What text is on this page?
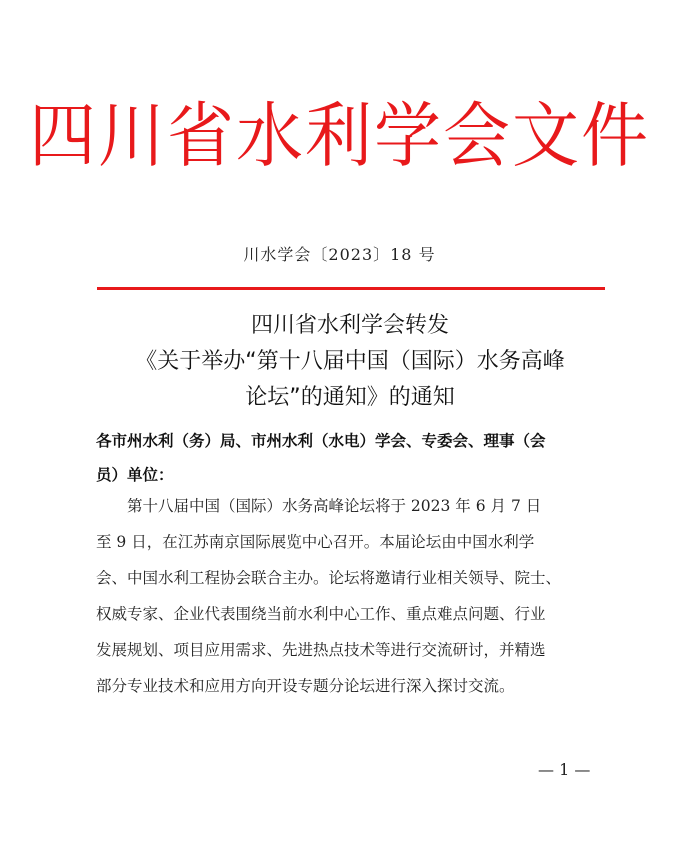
四川省水利学会文件
川水学会〔2023〕18 号
四川省水利学会转发
《关于举办“第十八届中国（国际）水务高峰
论坛”的通知》的通知
各市州水利（务）局、市州水利（水电）学会、专委会、理事（会
员）单位：
第十八届中国（国际）水务高峰论坛将于 2023 年 6 月 7 日
至 9 日，在江苏南京国际展览中心召开。本届论坛由中国水利学
会、中国水利工程协会联合主办。论坛将邀请行业相关领导、院士、
权威专家、企业代表围绕当前水利中心工作、重点难点问题、行业
发展规划、项目应用需求、先进热点技术等进行交流研讨，并精选
部分专业技术和应用方向开设专题分论坛进行深入探讨交流。
— 1 —
